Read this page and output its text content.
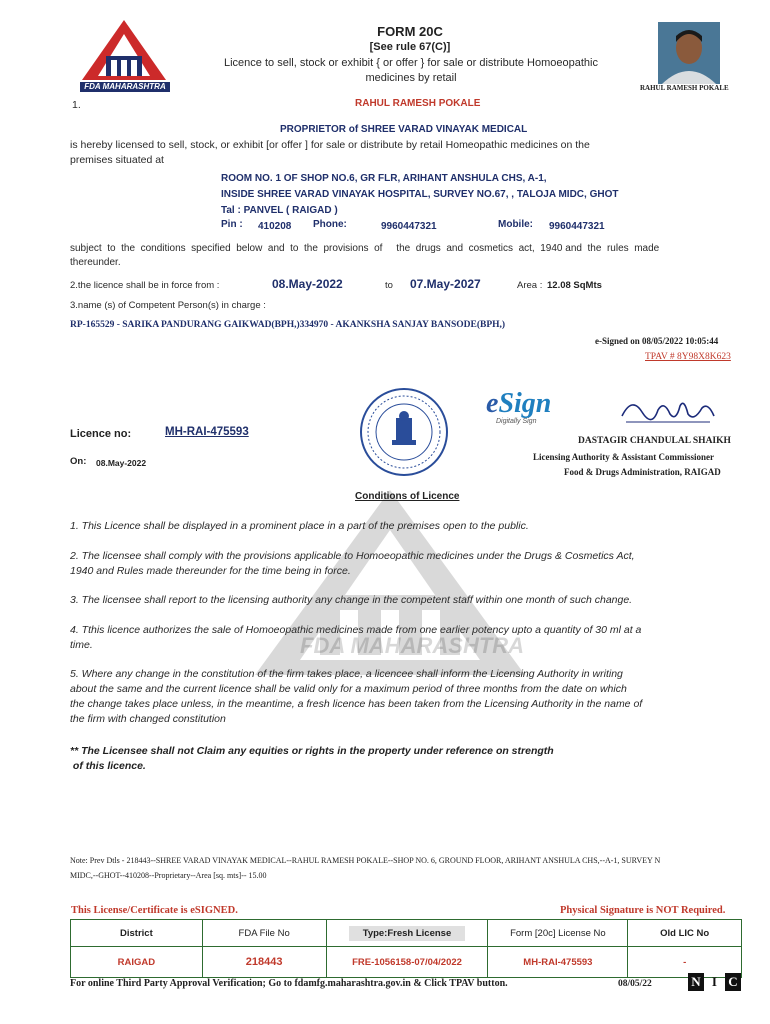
FDA MAHARASHTRA
FDA MAHARASHTRA
FORM 20C
[See rule 67(C)]
Licence to sell, stock or exhibit { or offer } for sale or distribute Homoeopathic
medicines by retail
RAHUL RAMESH POKALE
1.	RAHUL RAMESH POKALE
PROPRIETOR of SHREE VARAD VINAYAK MEDICAL
is hereby licensed to sell, stock, or exhibit [or offer ] for sale or distribute by retail Homeopathic medicines on the
premises situated at
ROOM NO. 1 OF SHOP NO.6, GR FLR, ARIHANT ANSHULA CHS, A-1,
INSIDE SHREE VARAD VINAYAK HOSPITAL, SURVEY NO.67, , TALOJA MIDC, GHOT
Tal : PANVEL ( RAIGAD )
Pin : 410208 Phone:	9960447321	Mobile: 9960447321
subject  to  the  conditions  specified  below  and  to  the  provisions  of     the  drugs  and  cosmetics  act,  1940 and  the  rules  made
thereunder.
2.the licence shall be in force from :	08.May-2022	to 07.May-2027	Area : 12.08 SqMts
3.name (s) of Competent Person(s) in charge :
RP-165529 - SARIKA PANDURANG GAIKWAD(BPH,)334970 - AKANKSHA SANJAY BANSODE(BPH,)
e-Signed on 08/05/2022 10:05:44
TPAV # 8Y98X8K623
eSign
Digitally Sign
Licence no:	MH-RAI-475593
On: 08.May-2022
DASTAGIR CHANDULAL SHAIKH
Licensing Authority & Assistant Commissioner
Food & Drugs Administration, RAIGAD
Conditions of Licence
1. This Licence shall be displayed in a prominent place in a part of the premises open to the public.
2. The licensee shall comply with the provisions applicable to Homoeopathic medicines under the Drugs & Cosmetics Act,
1940 and Rules made thereunder for the time being in force.
3. The licensee shall report to the licensing authority any change in the competent staff within one month of such change.
4. Tthis licence authorizes the sale of Homoeopathic medicines made from one earlier potency upto a quantity of 30 ml at a
time.
5. Where any change in the constitution of the firm takes place, a licencee shall inform the Licensing Authority in writing
about the same and the current licence shall be valid only for a maximum period of three months from the date on which
the change takes place unless, in the meantime, a fresh licence has been taken from the Licensing Authority in the name of
the firm with changed constitution
** The Licensee shall not Claim any equities or rights in the property under reference on strength
of this licence.
Note: Prev Dtls - 218443--SHREE VARAD VINAYAK MEDICAL--RAHUL RAMESH POKALE--SHOP NO. 6, GROUND FLOOR, ARIHANT ANSHULA CHS,--A-1, SURVEY N
MIDC,--GHOT--410208--Proprietary--Area [sq. mts]-- 15.00
This License/Certificate is eSIGNED.	Physical Signature is NOT Required.
District	FDA File No	Type:Fresh License	Form [20c] License No	Old LIC No
RAIGAD	218443	FRE-1056158-07/04/2022	MH-RAI-475593	-
For online Third Party Approval Verification; Go to fdamfg.maharashtra.gov.in & Click TPAV button.	08/05/22	N I C
